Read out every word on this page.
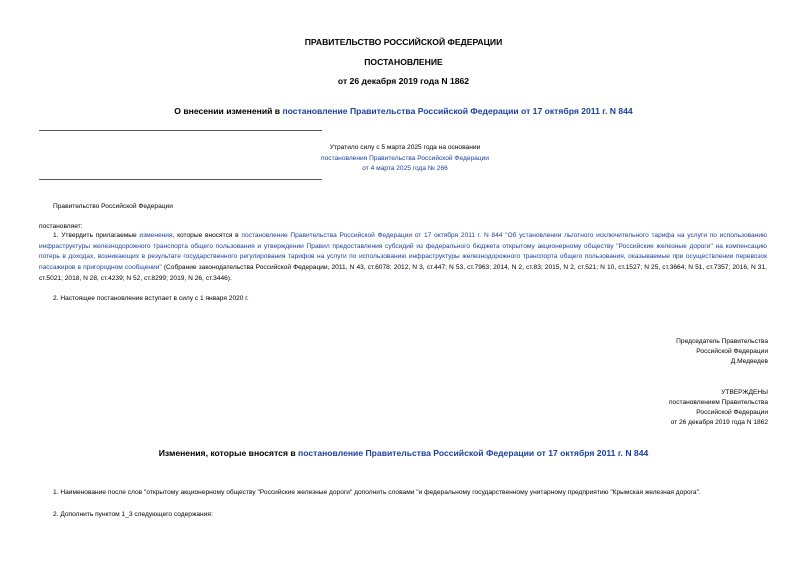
ПРАВИТЕЛЬСТВО РОССИЙСКОЙ ФЕДЕРАЦИИ
ПОСТАНОВЛЕНИЕ
от 26 декабря 2019 года N 1862
О внесении изменений в постановление Правительства Российской Федерации от 17 октября 2011 г. N 844
Утратило силу с 5 марта 2025 года на основании
постановления Правительства Российской Федерации
от 4 марта 2025 года № 266
Правительство Российской Федерации
постановляет:
1. Утвердить прилагаемые изменения, которые вносятся в постановление Правительства Российской Федерации от 17 октября 2011 г. N 844 "Об установлении льготного исключительного тарифа на услуги по использованию инфраструктуры железнодорожного транспорта общего пользования и утверждении Правил предоставления субсидий из федерального бюджета открытому акционерному обществу "Российские железные дороги" на компенсацию потерь в доходах, возникающих в результате государственного регулирования тарифов на услуги по использованию инфраструктуры железнодорожного транспорта общего пользования, оказываемые при осуществлении перевозок пассажиров в пригородном сообщении" (Собрание законодательства Российской Федерации, 2011, N 43, ст.6078; 2012, N 3, ст.447; N 53, ст.7963; 2014, N 2, ст.83; 2015, N 2, ст.521; N 10, ст.1527; N 25, ст.3664; N 51, ст.7357; 2016, N 31, ст.5021; 2018, N 28, ст.4239; N 52, ст.8299; 2019, N 26, ст.3446).
2. Настоящее постановление вступает в силу с 1 января 2020 г.
Председатель Правительства
Российской Федерации
Д.Медведев
УТВЕРЖДЕНЫ
постановлением Правительства
Российской Федерации
от 26 декабря 2019 года N 1862
Изменения, которые вносятся в постановление Правительства Российской Федерации от 17 октября 2011 г. N 844
1. Наименование после слов "открытому акционерному обществу "Российские железные дороги" дополнить словами "и федеральному государственному унитарному предприятию "Крымская железная дорога".
2. Дополнить пунктом 1_3 следующего содержания:
